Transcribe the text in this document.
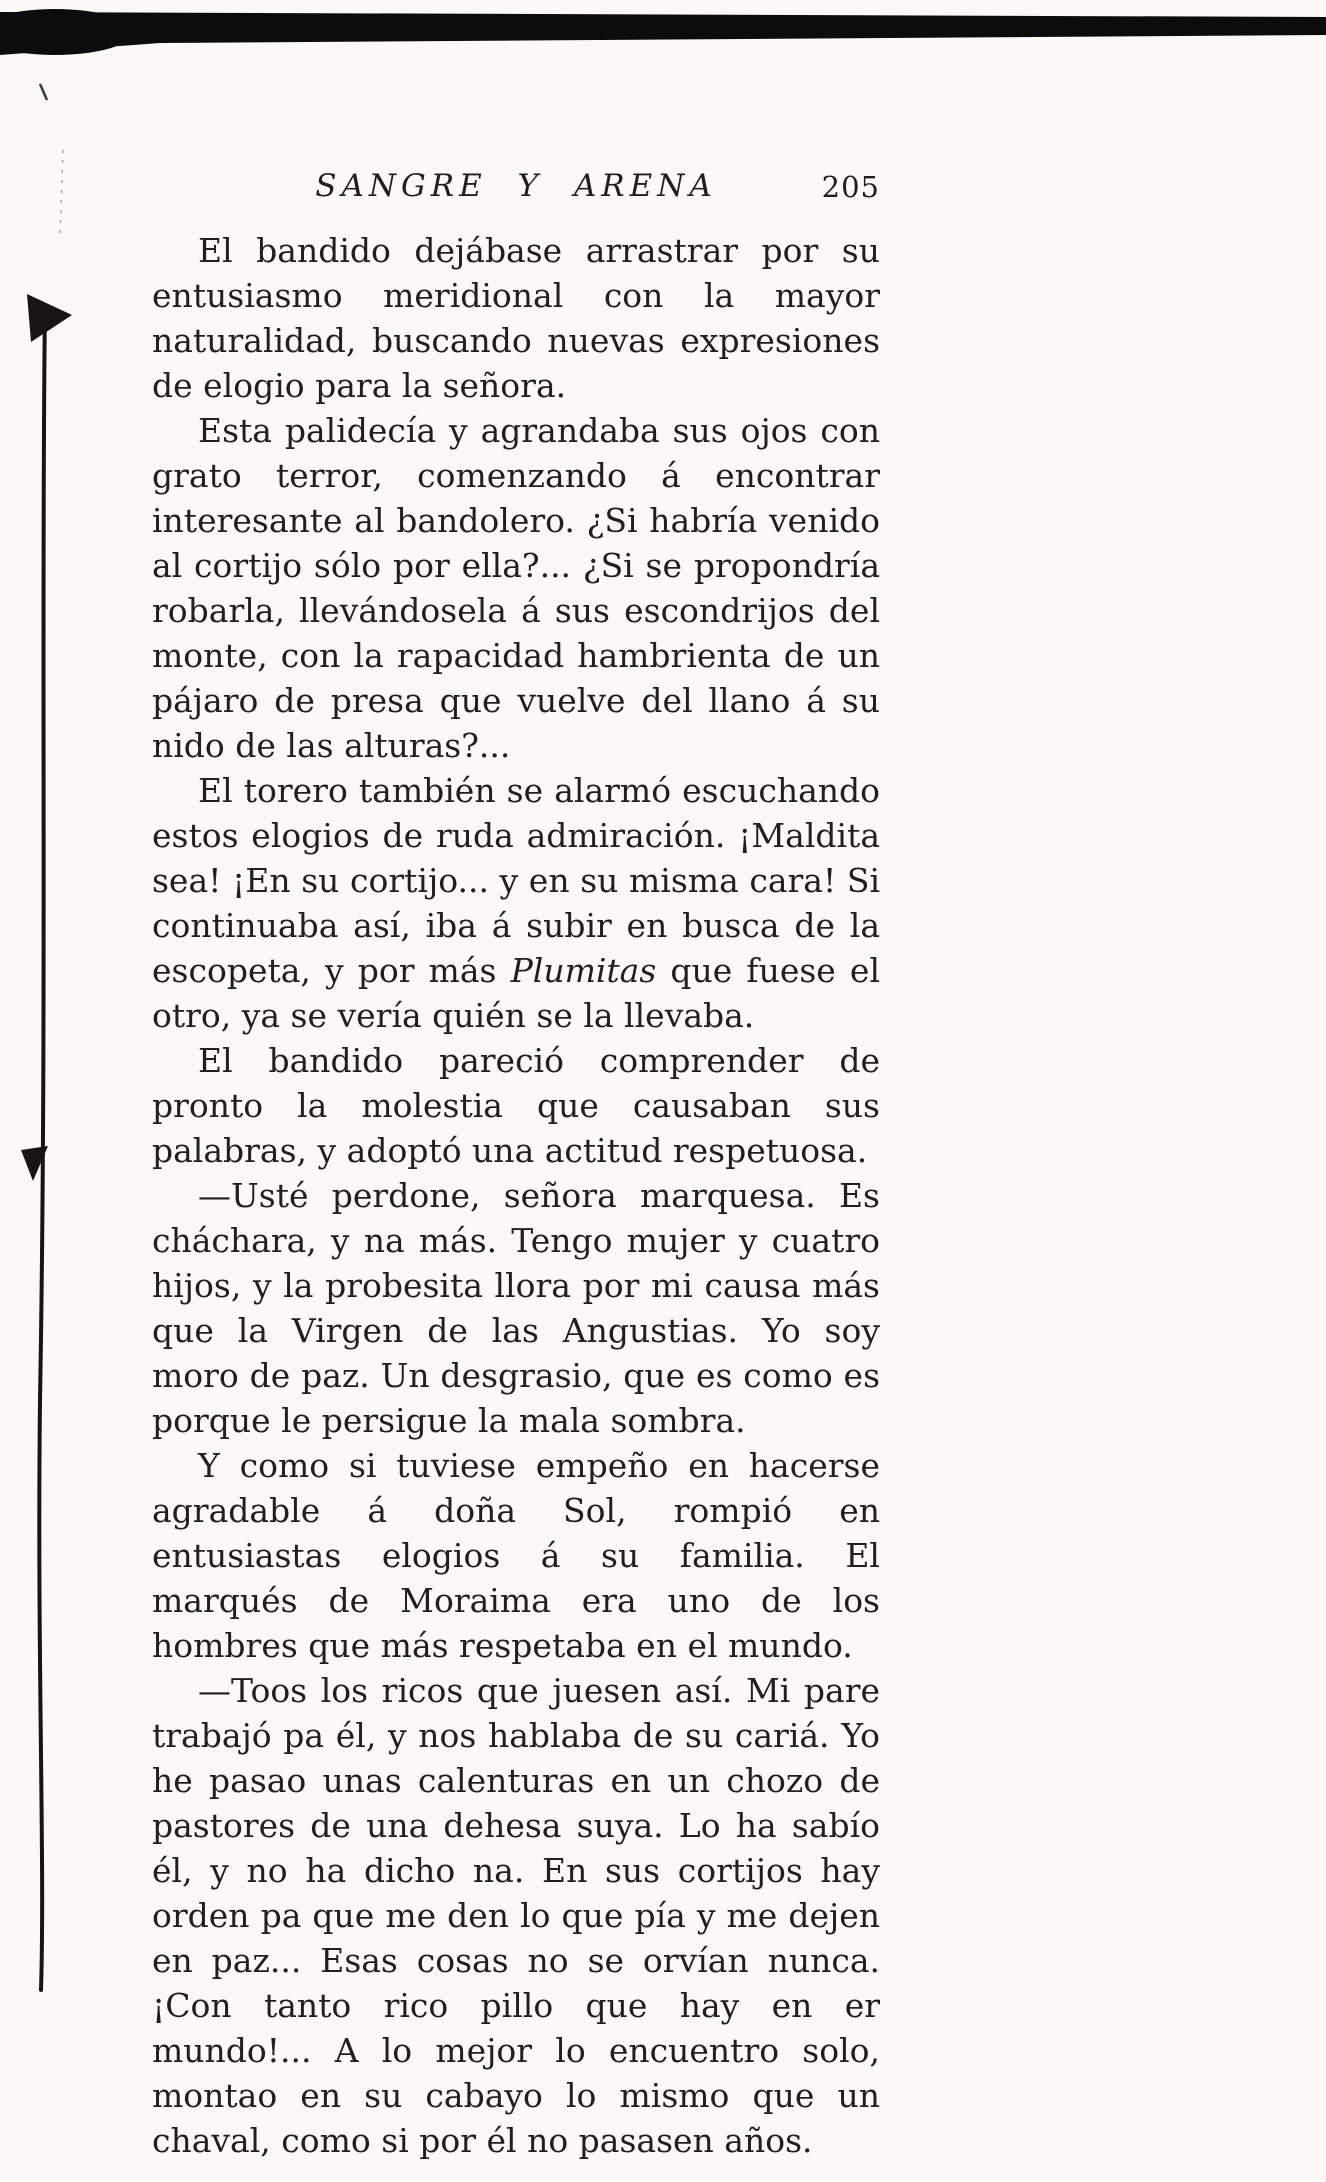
SANGRE Y ARENA	205

El bandido dejábase arrastrar por su entusiasmo meridional con la mayor naturalidad, buscando nuevas expresiones de elogio para la señora.

Esta palidecía y agrandaba sus ojos con grato terror, comenzando á encontrar interesante al bandolero. ¿Si habría venido al cortijo sólo por ella?... ¿Si se propondría robarla, llevándosela á sus escondrijos del monte, con la rapacidad hambrienta de un pájaro de presa que vuelve del llano á su nido de las alturas?...

El torero también se alarmó escuchando estos elogios de ruda admiración. ¡Maldita sea! ¡En su cortijo... y en su misma cara! Si continuaba así, iba á subir en busca de la escopeta, y por más Plumitas que fuese el otro, ya se vería quién se la llevaba.

El bandido pareció comprender de pronto la molestia que causaban sus palabras, y adoptó una actitud respetuosa.

—Usté perdone, señora marquesa. Es cháchara, y na más. Tengo mujer y cuatro hijos, y la probesita llora por mi causa más que la Virgen de las Angustias. Yo soy moro de paz. Un desgrasio, que es como es porque le persigue la mala sombra.

Y como si tuviese empeño en hacerse agradable á doña Sol, rompió en entusiastas elogios á su familia. El marqués de Moraima era uno de los hombres que más respetaba en el mundo.

—Toos los ricos que juesen así. Mi pare trabajó pa él, y nos hablaba de su cariá. Yo he pasao unas calenturas en un chozo de pastores de una dehesa suya. Lo ha sabío él, y no ha dicho na. En sus cortijos hay orden pa que me den lo que pía y me dejen en paz... Esas cosas no se orvían nunca. ¡Con tanto rico pillo que hay en er mundo!... A lo mejor lo encuentro solo, montao en su cabayo lo mismo que un chaval, como si por él no pasasen años.
